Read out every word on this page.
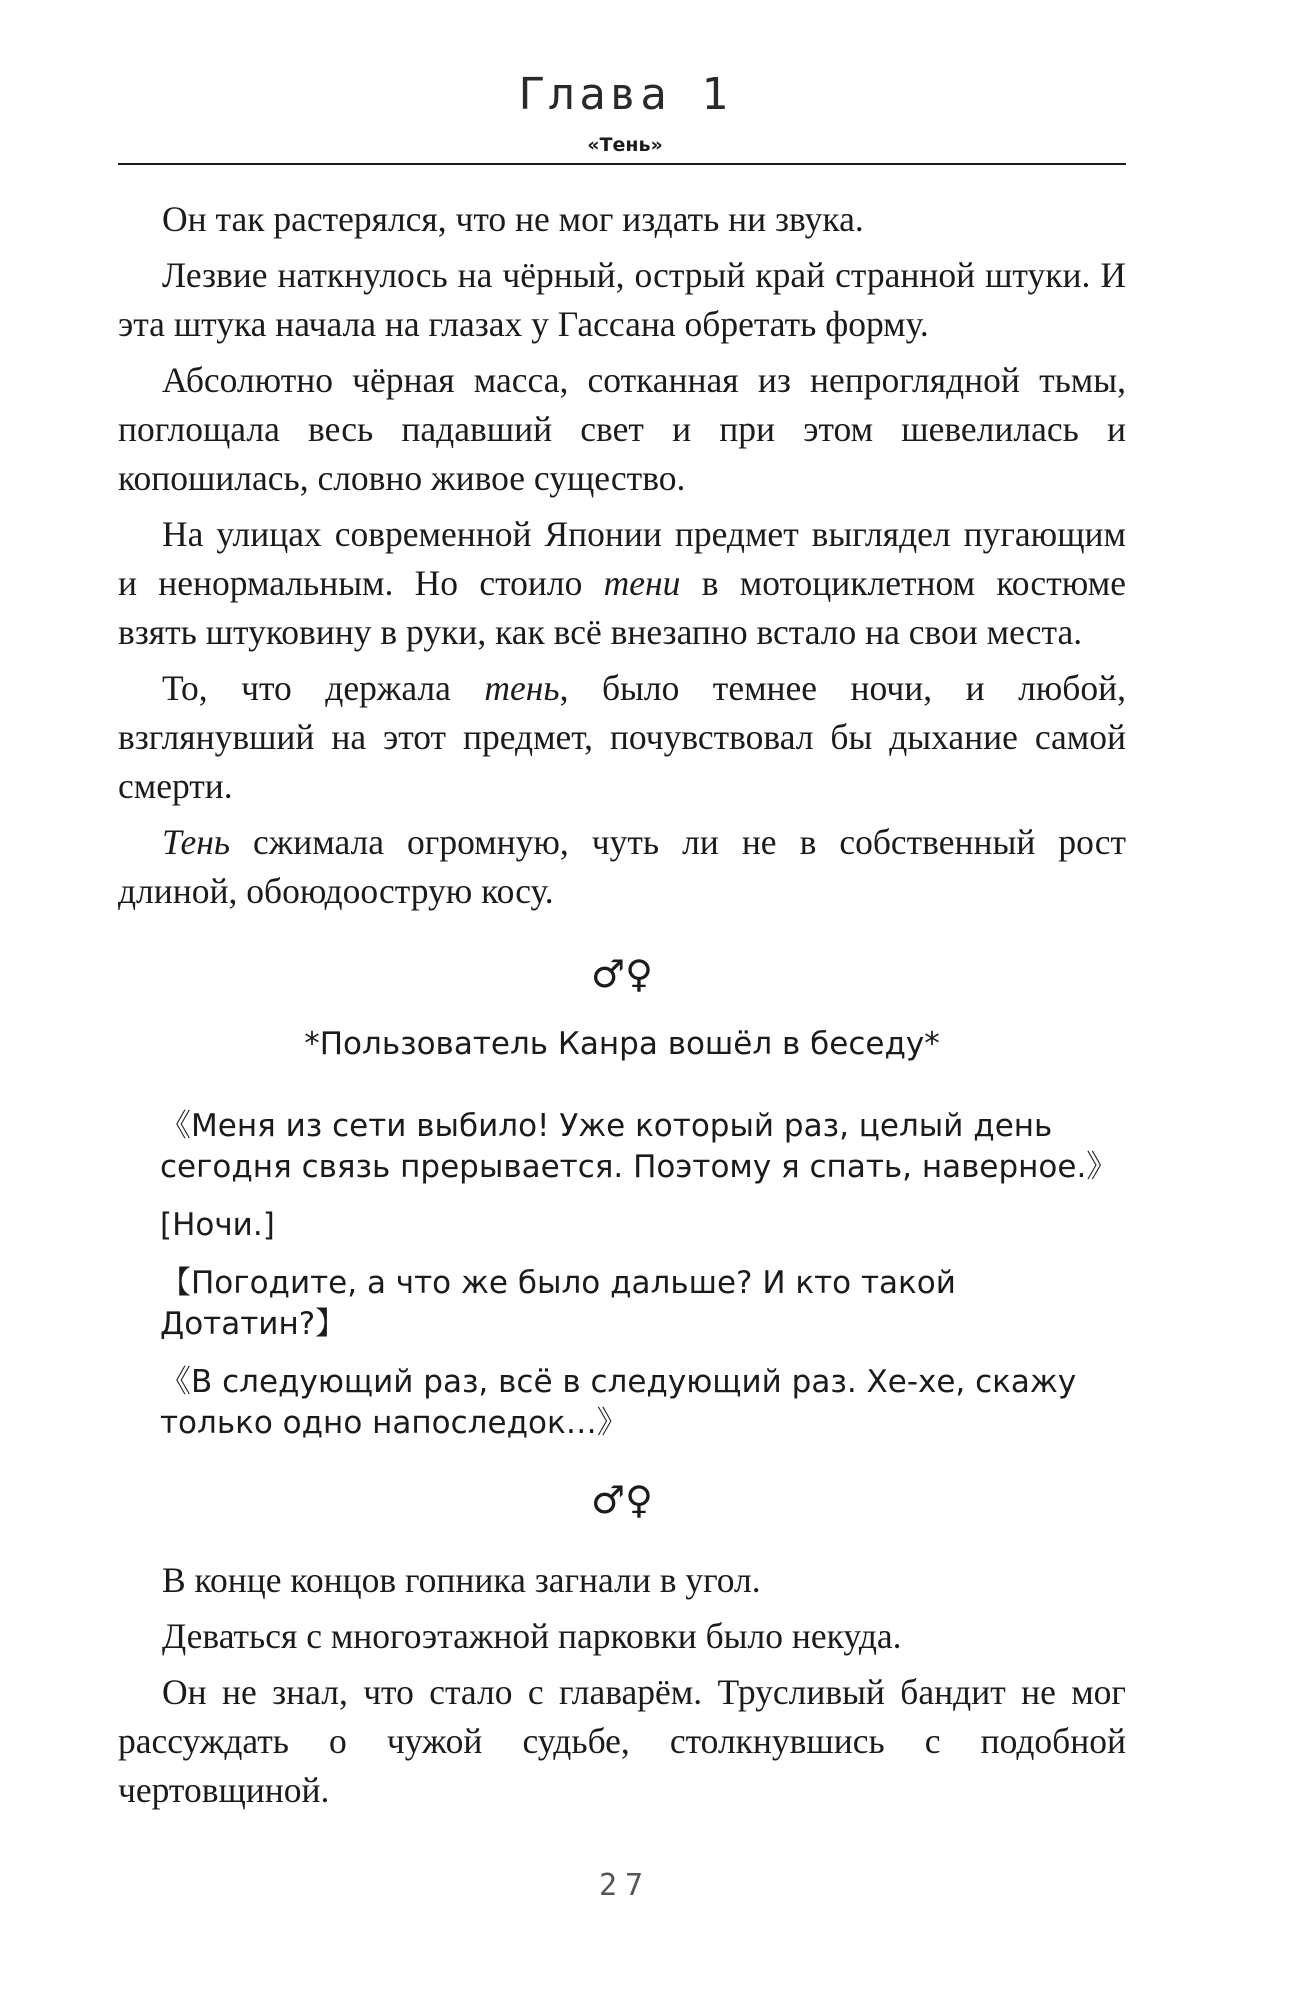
Глава 1
«Тень»

Он так растерялся, что не мог издать ни звука.

Лезвие наткнулось на чёрный, острый край странной штуки. И эта штука начала на глазах у Гассана обретать форму.

Абсолютно чёрная масса, сотканная из непроглядной тьмы, поглощала весь падавший свет и при этом шевелилась и копошилась, словно живое существо.

На улицах современной Японии предмет выглядел пугающим и ненормальным. Но стоило тени в мотоциклетном костюме взять штуковину в руки, как всё внезапно встало на свои места.

То, что держала тень, было темнее ночи, и любой, взглянувший на этот предмет, почувствовал бы дыхание самой смерти.

Тень сжимала огромную, чуть ли не в собственный рост длиной, обоюдоострую косу.

♂♀
*Пользователь Канра вошёл в беседу*

《Меня из сети выбило! Уже который раз, целый день сегодня связь прерывается. Поэтому я спать, наверное.》

[Ночи.]

【Погодите, а что же было дальше? И кто такой Дотатин?】

《В следующий раз, всё в следующий раз. Хе-хе, скажу только одно напоследок…》

♂♀

В конце концов гопника загнали в угол.

Деваться с многоэтажной парковки было некуда.

Он не знал, что стало с главарём. Трусливый бандит не мог рассуждать о чужой судьбе, столкнувшись с подобной чертовщиной.

27
